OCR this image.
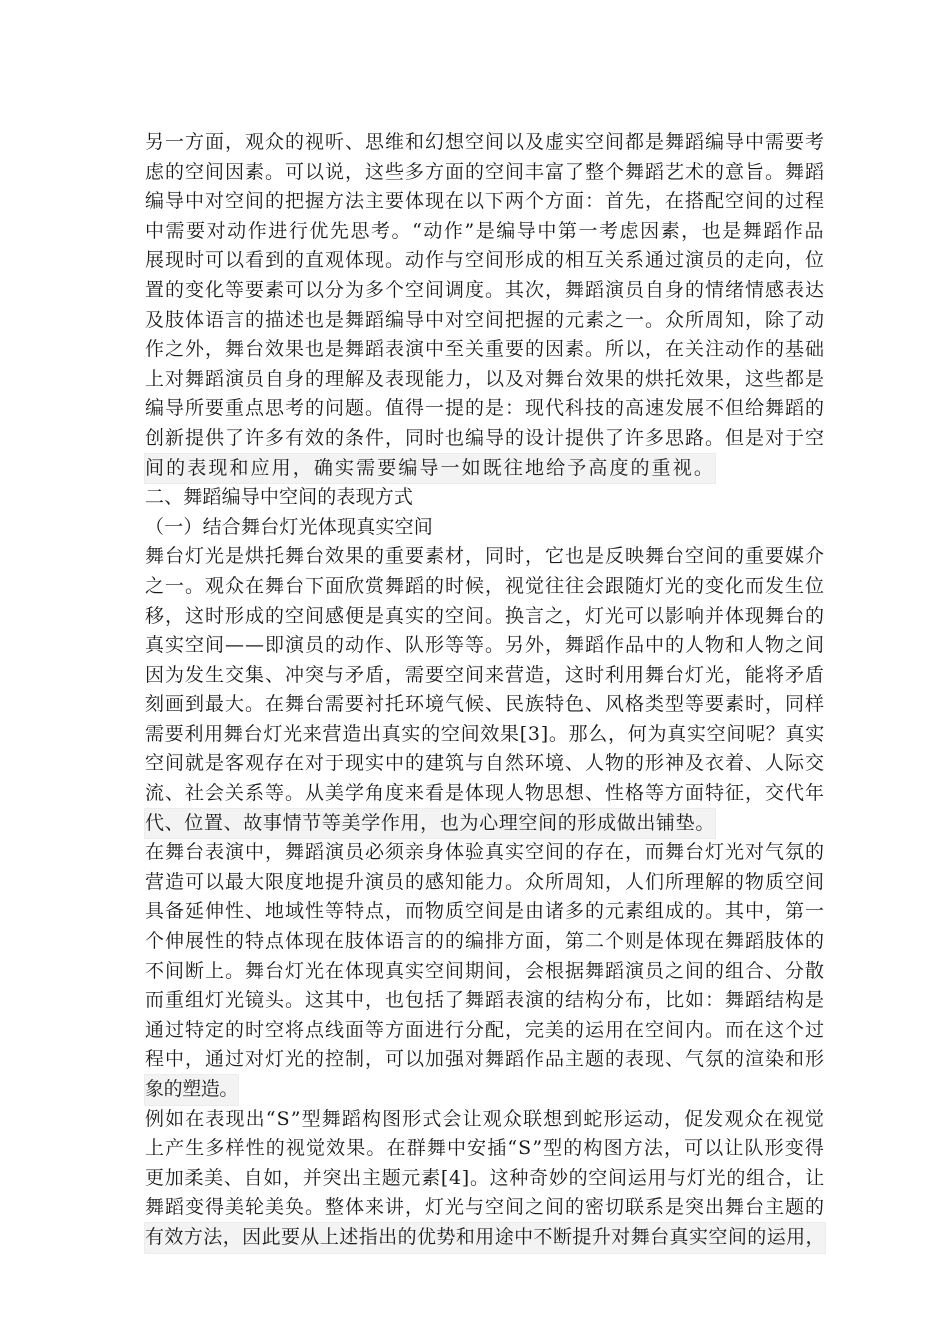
另一方面，观众的视听、思维和幻想空间以及虚实空间都是舞蹈编导中需要考
虑的空间因素。可以说，这些多方面的空间丰富了整个舞蹈艺术的意旨。舞蹈
编导中对空间的把握方法主要体现在以下两个方面：首先，在搭配空间的过程
中需要对动作进行优先思考。“动作”是编导中第一考虑因素，也是舞蹈作品
展现时可以看到的直观体现。动作与空间形成的相互关系通过演员的走向，位
置的变化等要素可以分为多个空间调度。其次，舞蹈演员自身的情绪情感表达
及肢体语言的描述也是舞蹈编导中对空间把握的元素之一。众所周知，除了动
作之外，舞台效果也是舞蹈表演中至关重要的因素。所以，在关注动作的基础
上对舞蹈演员自身的理解及表现能力，以及对舞台效果的烘托效果，这些都是
编导所要重点思考的问题。值得一提的是：现代科技的高速发展不但给舞蹈的
创新提供了许多有效的条件，同时也编导的设计提供了许多思路。但是对于空
间的表现和应用，确实需要编导一如既往地给予高度的重视。
二、舞蹈编导中空间的表现方式
（一）结合舞台灯光体现真实空间
舞台灯光是烘托舞台效果的重要素材，同时，它也是反映舞台空间的重要媒介
之一。观众在舞台下面欣赏舞蹈的时候，视觉往往会跟随灯光的变化而发生位
移，这时形成的空间感便是真实的空间。换言之，灯光可以影响并体现舞台的
真实空间——即演员的动作、队形等等。另外，舞蹈作品中的人物和人物之间
因为发生交集、冲突与矛盾，需要空间来营造，这时利用舞台灯光，能将矛盾
刻画到最大。在舞台需要衬托环境气候、民族特色、风格类型等要素时，同样
需要利用舞台灯光来营造出真实的空间效果[3]。那么，何为真实空间呢？真实
空间就是客观存在对于现实中的建筑与自然环境、人物的形神及衣着、人际交
流、社会关系等。从美学角度来看是体现人物思想、性格等方面特征，交代年
代、位置、故事情节等美学作用，也为心理空间的形成做出铺垫。
在舞台表演中，舞蹈演员必须亲身体验真实空间的存在，而舞台灯光对气氛的
营造可以最大限度地提升演员的感知能力。众所周知，人们所理解的物质空间
具备延伸性、地域性等特点，而物质空间是由诸多的元素组成的。其中，第一
个伸展性的特点体现在肢体语言的的编排方面，第二个则是体现在舞蹈肢体的
不间断上。舞台灯光在体现真实空间期间，会根据舞蹈演员之间的组合、分散
而重组灯光镜头。这其中，也包括了舞蹈表演的结构分布，比如：舞蹈结构是
通过特定的时空将点线面等方面进行分配，完美的运用在空间内。而在这个过
程中，通过对灯光的控制，可以加强对舞蹈作品主题的表现、气氛的渲染和形
象的塑造。
例如在表现出“S”型舞蹈构图形式会让观众联想到蛇形运动，促发观众在视觉
上产生多样性的视觉效果。在群舞中安插“S”型的构图方法，可以让队形变得
更加柔美、自如，并突出主题元素[4]。这种奇妙的空间运用与灯光的组合，让
舞蹈变得美轮美奂。整体来讲，灯光与空间之间的密切联系是突出舞台主题的
有效方法，因此要从上述指出的优势和用途中不断提升对舞台真实空间的运用，
